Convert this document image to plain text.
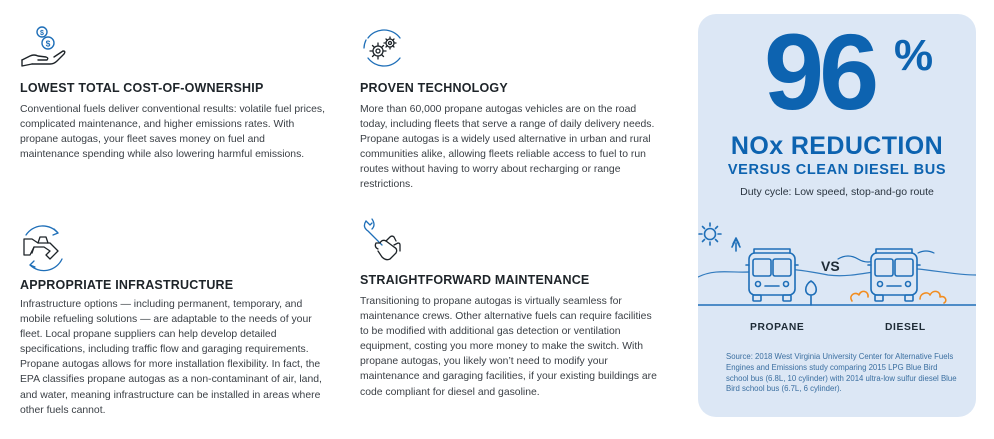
$
$
LOWEST TOTAL COST-OF-OWNERSHIP

Conventional fuels deliver conventional results: volatile fuel prices, complicated maintenance, and higher emissions rates. With propane autogas, your fleet saves money on fuel and maintenance spending while also lowering harmful emissions.

PROVEN TECHNOLOGY

More than 60,000 propane autogas vehicles are on the road today, including fleets that serve a range of daily delivery needs. Propane autogas is a widely used alternative in urban and rural communities alike, allowing fleets reliable access to fuel to run routes without having to worry about recharging or range restrictions.

APPROPRIATE INFRASTRUCTURE

Infrastructure options — including permanent, temporary, and mobile refueling solutions — are adaptable to the needs of your fleet. Local propane suppliers can help develop detailed specifications, including traffic flow and garaging requirements. Propane autogas allows for more installation flexibility. In fact, the EPA classifies propane autogas as a non-contaminant of air, land, and water, meaning infrastructure can be installed in areas where other fuels cannot.

STRAIGHTFORWARD MAINTENANCE

Transitioning to propane autogas is virtually seamless for maintenance crews. Other alternative fuels can require facilities to be modified with additional gas detection or ventilation equipment, costing you more money to make the switch. With propane autogas, you likely won’t need to modify your maintenance and garaging facilities, if your existing buildings are code compliant for diesel and gasoline.

96 %
NOx REDUCTION
VERSUS CLEAN DIESEL BUS
Duty cycle: Low speed, stop-and-go route
VS
PROPANE	DIESEL
Source: 2018 West Virginia University Center for Alternative Fuels Engines and Emissions study comparing 2015 LPG Blue Bird school bus (6.8L, 10 cylinder) with 2014 ultra-low sulfur diesel Blue Bird school bus (6.7L, 6 cylinder).
